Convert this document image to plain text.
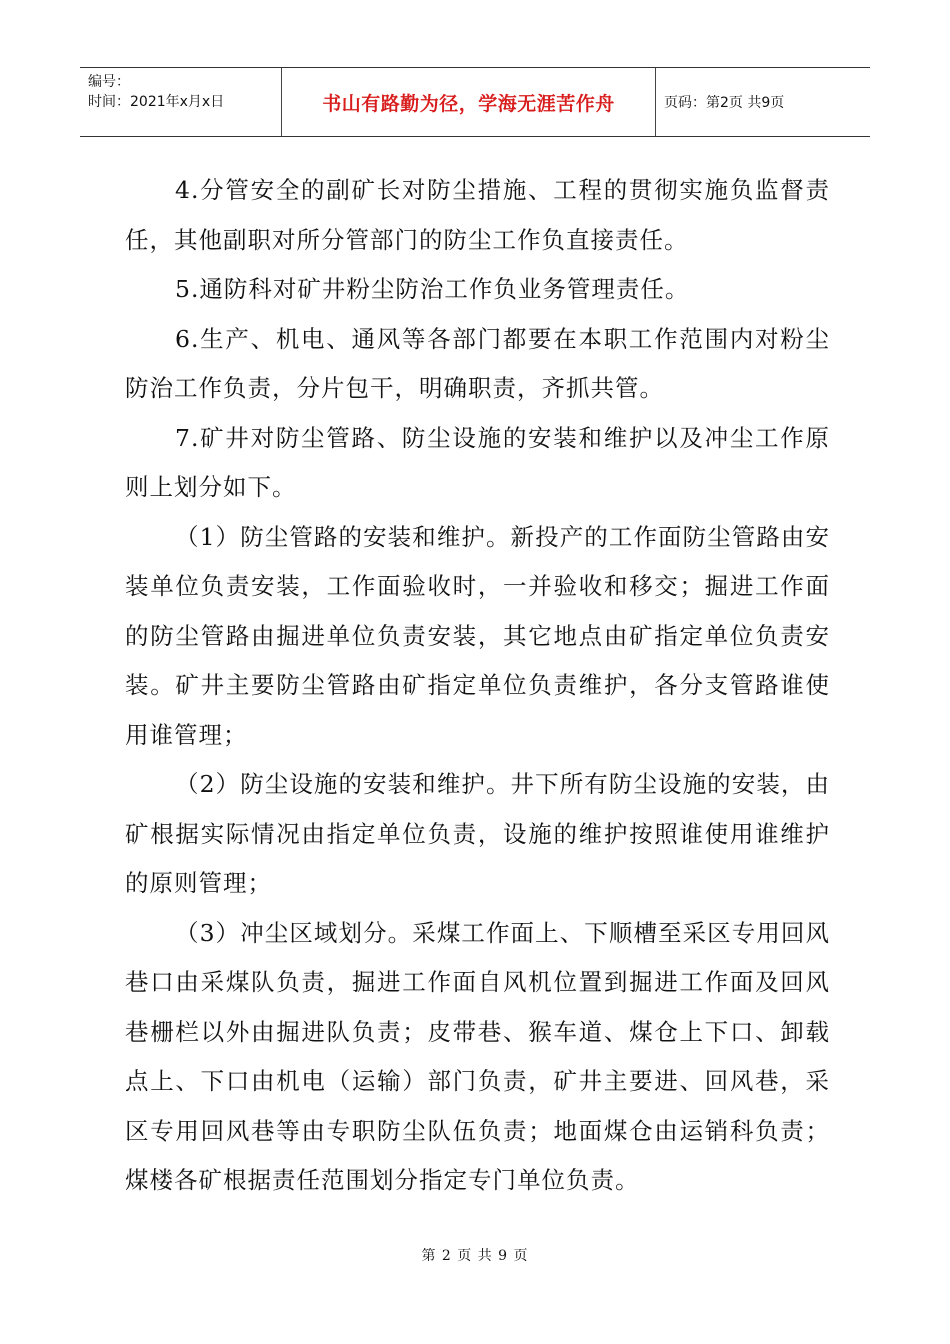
编号：
时间：2021年x月x日	书山有路勤为径，学海无涯苦作舟	页码：第2页 共9页

4.分管安全的副矿长对防尘措施、工程的贯彻实施负监督责任，其他副职对所分管部门的防尘工作负直接责任。

5.通防科对矿井粉尘防治工作负业务管理责任。

6.生产、机电、通风等各部门都要在本职工作范围内对粉尘防治工作负责，分片包干，明确职责，齐抓共管。

7.矿井对防尘管路、防尘设施的安装和维护以及冲尘工作原则上划分如下。

（1）防尘管路的安装和维护。新投产的工作面防尘管路由安装单位负责安装，工作面验收时，一并验收和移交；掘进工作面的防尘管路由掘进单位负责安装，其它地点由矿指定单位负责安装。矿井主要防尘管路由矿指定单位负责维护，各分支管路谁使用谁管理；

（2）防尘设施的安装和维护。井下所有防尘设施的安装，由矿根据实际情况由指定单位负责，设施的维护按照谁使用谁维护的原则管理；

（3）冲尘区域划分。采煤工作面上、下顺槽至采区专用回风巷口由采煤队负责，掘进工作面自风机位置到掘进工作面及回风巷栅栏以外由掘进队负责；皮带巷、猴车道、煤仓上下口、卸载点上、下口由机电（运输）部门负责，矿井主要进、回风巷，采区专用回风巷等由专职防尘队伍负责；地面煤仓由运销科负责；煤楼各矿根据责任范围划分指定专门单位负责。

第 2 页 共 9 页
